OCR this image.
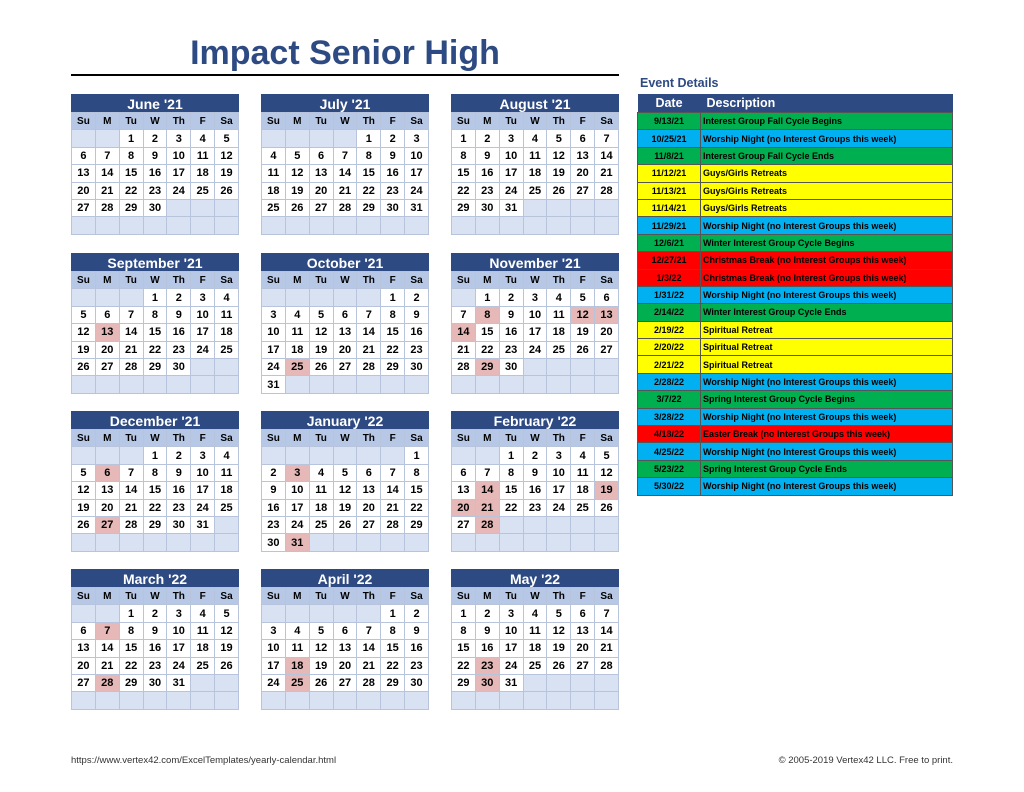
Impact Senior High
June '21
Su	M	Tu	W	Th	F	Sa
		1	2	3	4	5
6	7	8	9	10	11	12
13	14	15	16	17	18	19
20	21	22	23	24	25	26
27	28	29	30			

July '21
Su	M	Tu	W	Th	F	Sa
				1	2	3
4	5	6	7	8	9	10
11	12	13	14	15	16	17
18	19	20	21	22	23	24
25	26	27	28	29	30	31

August '21
Su	M	Tu	W	Th	F	Sa
1	2	3	4	5	6	7
8	9	10	11	12	13	14
15	16	17	18	19	20	21
22	23	24	25	26	27	28
29	30	31				

September '21
Su	M	Tu	W	Th	F	Sa
			1	2	3	4
5	6	7	8	9	10	11
12	13	14	15	16	17	18
19	20	21	22	23	24	25
26	27	28	29	30		

October '21
Su	M	Tu	W	Th	F	Sa
					1	2
3	4	5	6	7	8	9
10	11	12	13	14	15	16
17	18	19	20	21	22	23
24	25	26	27	28	29	30
31						
November '21
Su	M	Tu	W	Th	F	Sa
	1	2	3	4	5	6
7	8	9	10	11	12	13
14	15	16	17	18	19	20
21	22	23	24	25	26	27
28	29	30				

December '21
Su	M	Tu	W	Th	F	Sa
			1	2	3	4
5	6	7	8	9	10	11
12	13	14	15	16	17	18
19	20	21	22	23	24	25
26	27	28	29	30	31	

January '22
Su	M	Tu	W	Th	F	Sa
						1
2	3	4	5	6	7	8
9	10	11	12	13	14	15
16	17	18	19	20	21	22
23	24	25	26	27	28	29
30	31					
February '22
Su	M	Tu	W	Th	F	Sa
		1	2	3	4	5
6	7	8	9	10	11	12
13	14	15	16	17	18	19
20	21	22	23	24	25	26
27	28					

March '22
Su	M	Tu	W	Th	F	Sa
		1	2	3	4	5
6	7	8	9	10	11	12
13	14	15	16	17	18	19
20	21	22	23	24	25	26
27	28	29	30	31		

April '22
Su	M	Tu	W	Th	F	Sa
					1	2
3	4	5	6	7	8	9
10	11	12	13	14	15	16
17	18	19	20	21	22	23
24	25	26	27	28	29	30

May '22
Su	M	Tu	W	Th	F	Sa
1	2	3	4	5	6	7
8	9	10	11	12	13	14
15	16	17	18	19	20	21
22	23	24	25	26	27	28
29	30	31				

Event Details
Date	Description
9/13/21	Interest Group Fall Cycle Begins
10/25/21	Worship Night (no Interest Groups this week)
11/8/21	Interest Group Fall Cycle Ends
11/12/21	Guys/Girls Retreats
11/13/21	Guys/Girls Retreats
11/14/21	Guys/Girls Retreats
11/29/21	Worship Night (no Interest Groups this week)
12/6/21	Winter Interest Group Cycle Begins
12/27/21	Christmas Break (no Interest Groups this week)
1/3/22	Christmas Break (no Interest Groups this week)
1/31/22	Worship Night (no Interest Groups this week)
2/14/22	Winter Interest Group Cycle Ends
2/19/22	Spiritual Retreat
2/20/22	Spiritual Retreat
2/21/22	Spiritual Retreat
2/28/22	Worship Night (no Interest Groups this week)
3/7/22	Spring Interest Group Cycle Begins
3/28/22	Worship Night (no Interest Groups this week)
4/18/22	Easter Break (no Interest Groups this week)
4/25/22	Worship Night (no Interest Groups this week)
5/23/22	Spring Interest Group Cycle Ends
5/30/22	Worship Night (no Interest Groups this week)
https://www.vertex42.com/ExcelTemplates/yearly-calendar.html	© 2005-2019 Vertex42 LLC. Free to print.
